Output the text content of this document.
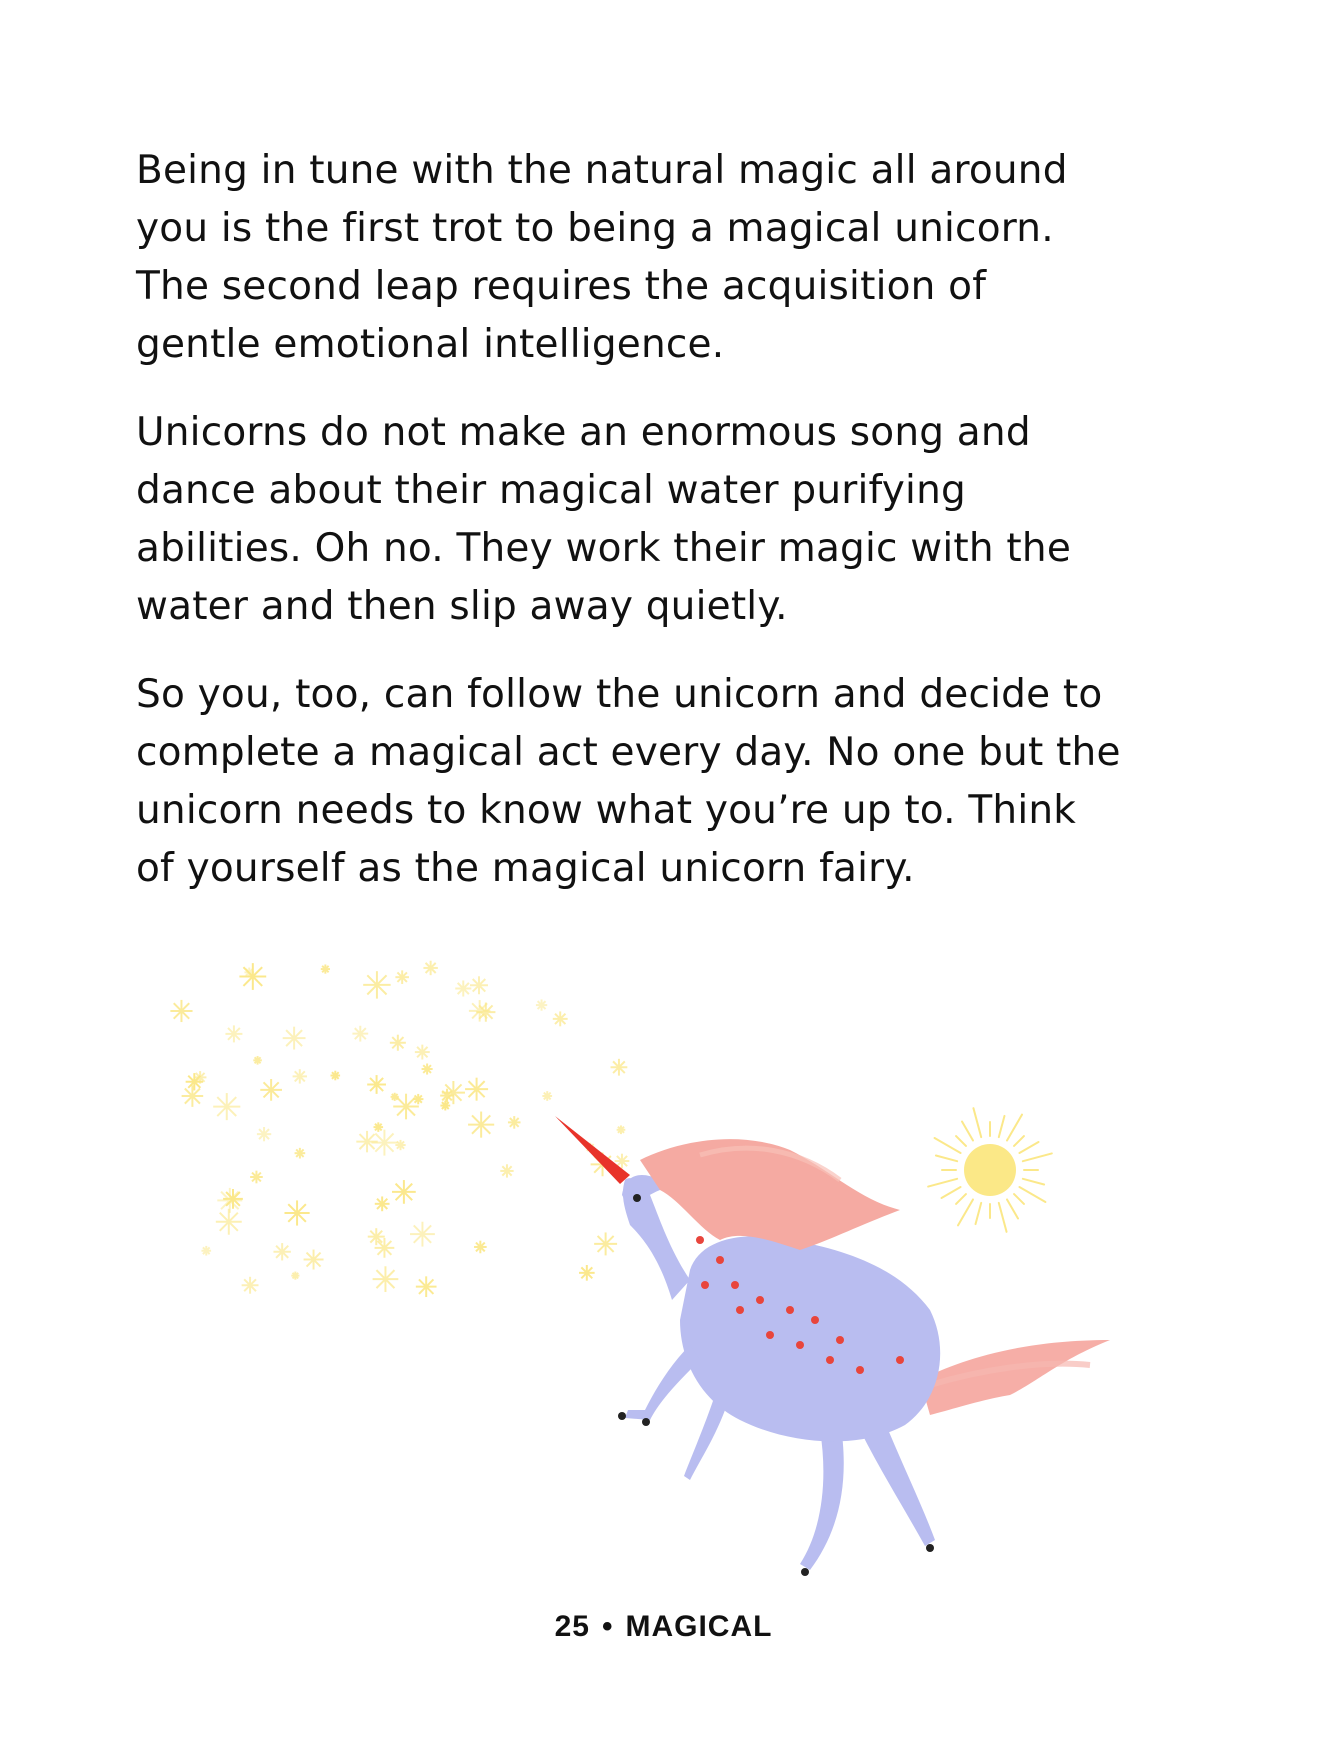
Being in tune with the natural magic all around
you is the first trot to being a magical unicorn.
The second leap requires the acquisition of
gentle emotional intelligence.

Unicorns do not make an enormous song and
dance about their magical water purifying
abilities. Oh no. They work their magic with the
water and then slip away quietly.

So you, too, can follow the unicorn and decide to
complete a magical act every day. No one but the
unicorn needs to know what you’re up to. Think
of yourself as the magical unicorn fairy.

25 • MAGICAL
